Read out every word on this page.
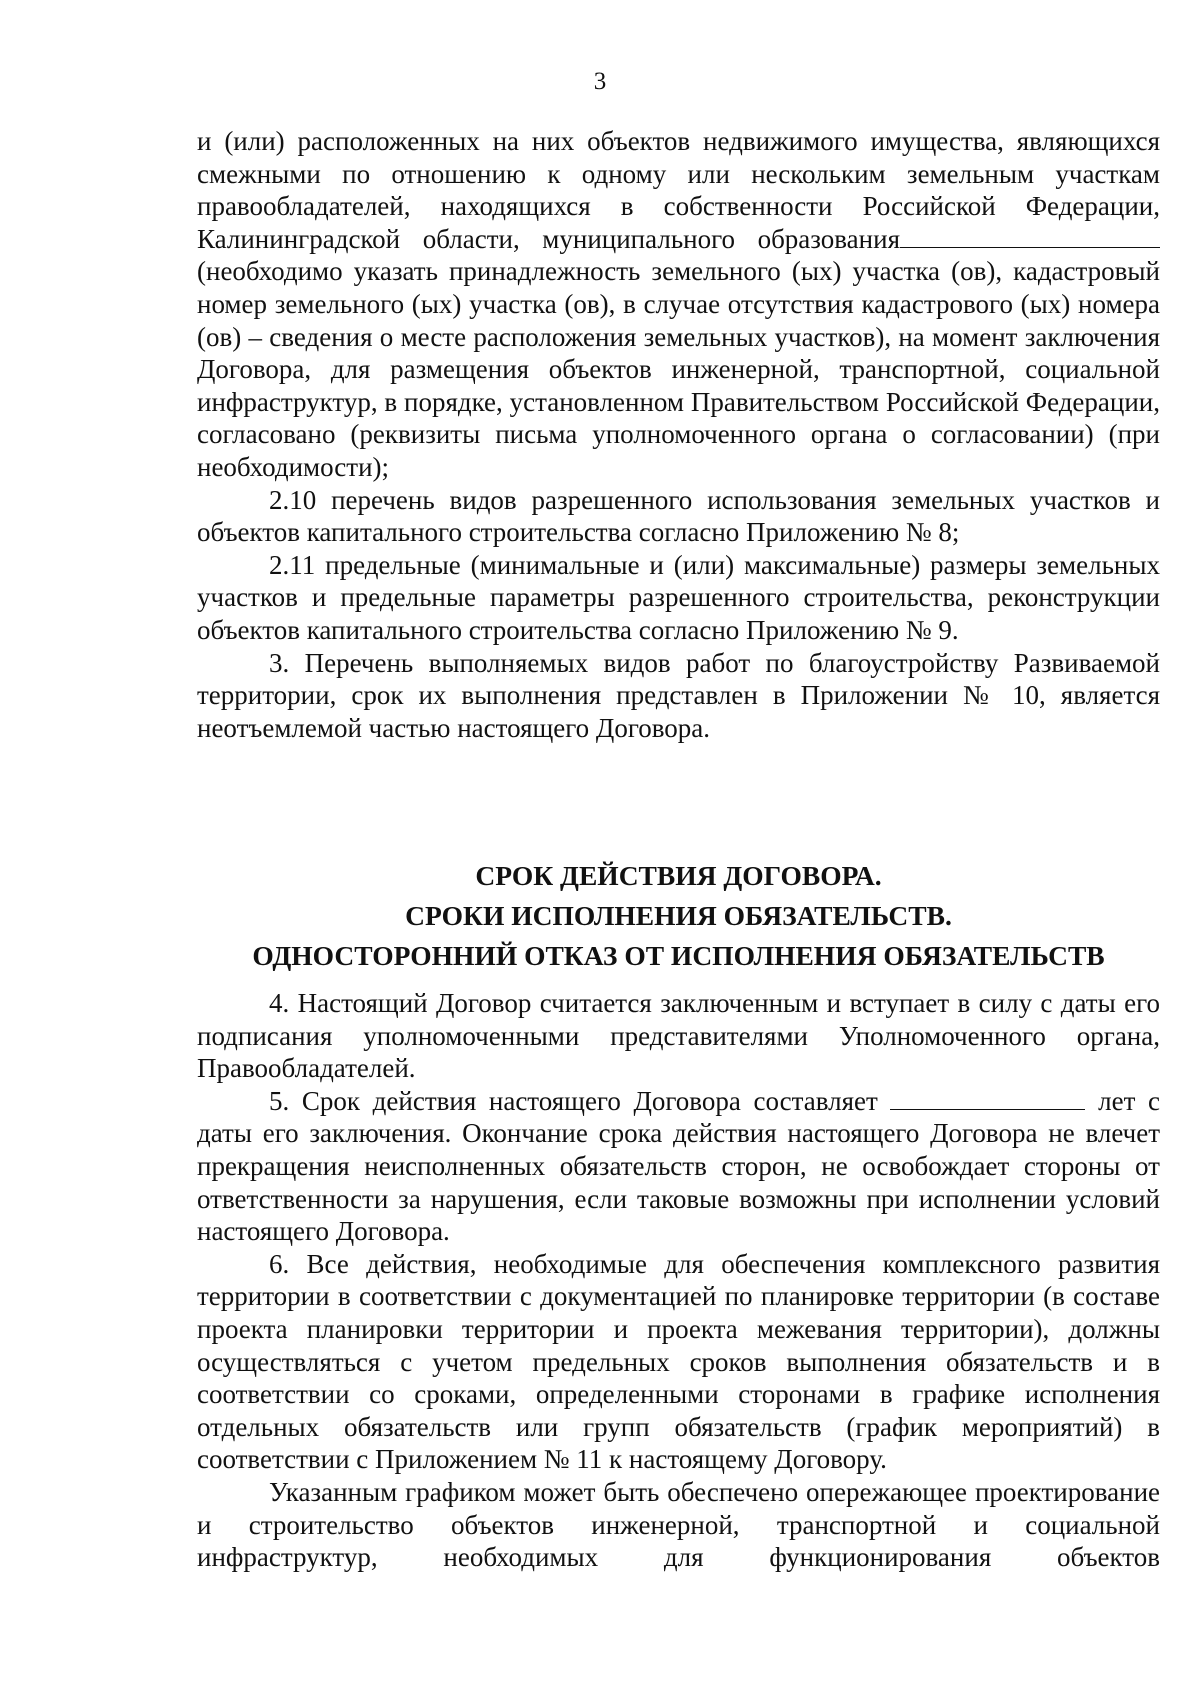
3

и (или) расположенных на них объектов недвижимого имущества, являющихся смежными по отношению к одному или нескольким земельным участкам правообладателей, находящихся в собственности Российской Федерации, Калининградской области, муниципального образования

(необходимо указать принадлежность земельного (ых) участка (ов), кадастровый номер земельного (ых) участка (ов), в случае отсутствия кадастрового (ых) номера (ов) – сведения о месте расположения земельных участков), на момент заключения Договора, для размещения объектов инженерной, транспортной, социальной инфраструктур, в порядке, установленном Правительством Российской Федерации, согласовано (реквизиты письма уполномоченного органа о согласовании) (при необходимости);

2.10 перечень видов разрешенного использования земельных участков и объектов капитального строительства согласно Приложению № 8;

2.11 предельные (минимальные и (или) максимальные) размеры земельных участков и предельные параметры разрешенного строительства, реконструкции объектов капитального строительства согласно Приложению № 9.

3. Перечень выполняемых видов работ по благоустройству Развиваемой территории, срок их выполнения представлен в Приложении № 10, является неотъемлемой частью настоящего Договора.

СРОК ДЕЙСТВИЯ ДОГОВОРА.
СРОКИ ИСПОЛНЕНИЯ ОБЯЗАТЕЛЬСТВ.
ОДНОСТОРОННИЙ ОТКАЗ ОТ ИСПОЛНЕНИЯ ОБЯЗАТЕЛЬСТВ

4. Настоящий Договор считается заключенным и вступает в силу с даты его подписания уполномоченными представителями Уполномоченного органа, Правообладателей.

5. Срок действия настоящего Договора составляет	лет с даты его заключения. Окончание срока действия настоящего Договора не влечет прекращения неисполненных обязательств сторон, не освобождает стороны от ответственности за нарушения, если таковые возможны при исполнении условий настоящего Договора.

6. Все действия, необходимые для обеспечения комплексного развития территории в соответствии с документацией по планировке территории (в составе проекта планировки территории и проекта межевания территории), должны осуществляться с учетом предельных сроков выполнения обязательств и в соответствии со сроками, определенными сторонами в графике исполнения отдельных обязательств или групп обязательств (график мероприятий) в соответствии с Приложением № 11 к настоящему Договору.

Указанным графиком может быть обеспечено опережающее проектирование и строительство объектов инженерной, транспортной и социальной инфраструктур, необходимых для функционирования объектов
